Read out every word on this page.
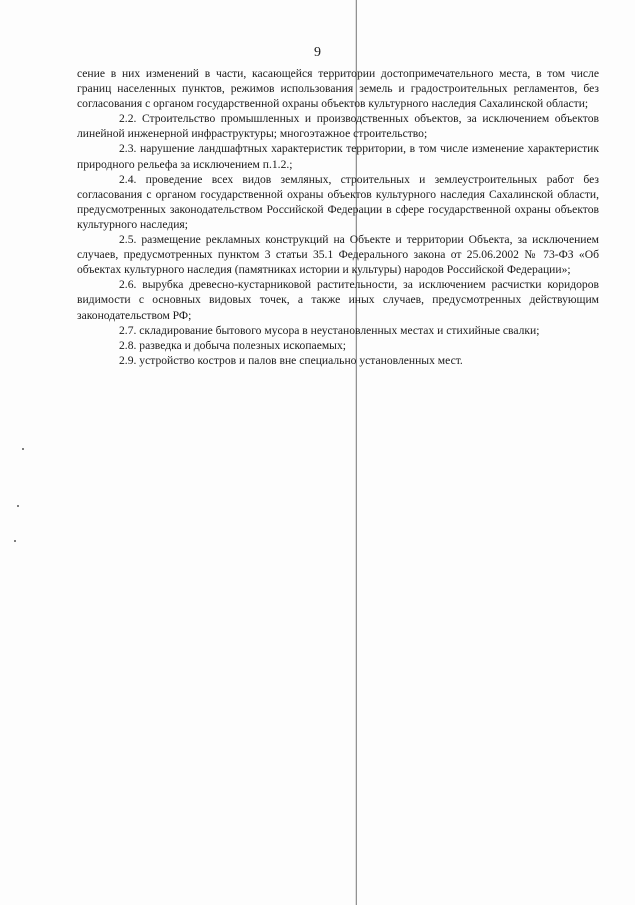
9

сение в них изменений в части, касающейся территории достопримечательного места, в том числе границ населенных пунктов, режимов использования земель и градостроительных регламентов, без согласования с органом государственной охраны объектов культурного наследия Сахалинской области;

2.2. Строительство промышленных и производственных объектов, за исключением объектов линейной инженерной инфраструктуры; многоэтажное строительство;

2.3. нарушение ландшафтных характеристик территории, в том числе изменение характеристик природного рельефа за исключением п.1.2.;

2.4. проведение всех видов земляных, строительных и землеустроительных работ без согласования с органом государственной охраны объектов культурного наследия Сахалинской области, предусмотренных законодательством Российской Федерации в сфере государственной охраны объектов культурного наследия;

2.5. размещение рекламных конструкций на Объекте и территории Объекта, за исключением случаев, предусмотренных пунктом 3 статьи 35.1 Федерального закона от 25.06.2002 № 73-ФЗ «Об объектах культурного наследия (памятниках истории и культуры) народов Российской Федерации»;

2.6. вырубка древесно-кустарниковой растительности, за исключением расчистки коридоров видимости с основных видовых точек, а также иных случаев, предусмотренных действующим законодательством РФ;

2.7. складирование бытового мусора в неустановленных местах и стихийные свалки;

2.8. разведка и добыча полезных ископаемых;

2.9. устройство костров и палов вне специально установленных мест.
